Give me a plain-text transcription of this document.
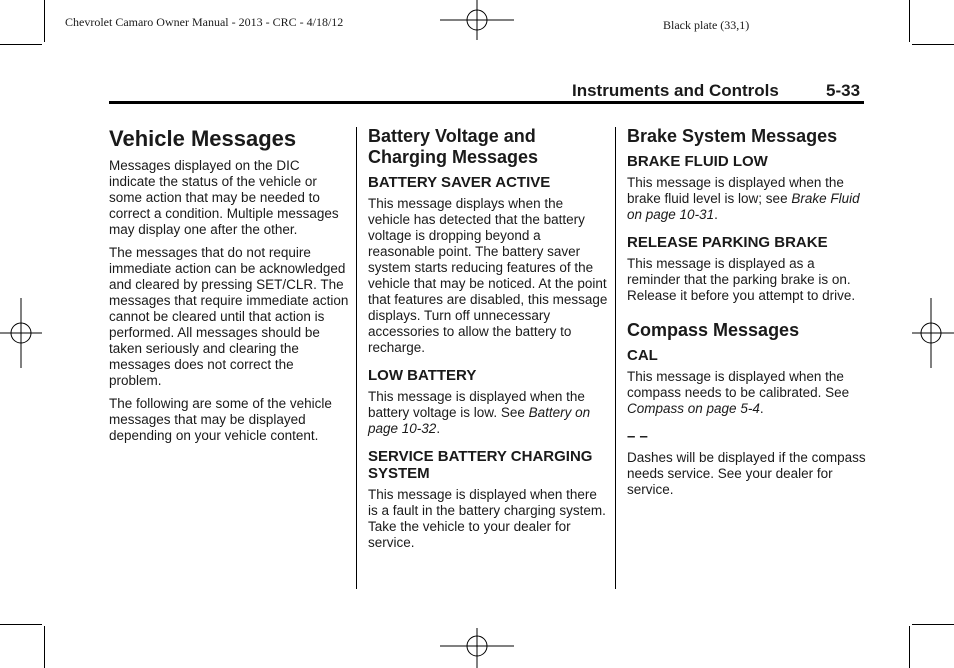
Chevrolet Camaro Owner Manual - 2013 - CRC - 4/18/12	Black plate (33,1)
Instruments and Controls	5-33
Vehicle Messages

Messages displayed on the DIC indicate the status of the vehicle or some action that may be needed to correct a condition. Multiple messages may display one after the other.

The messages that do not require immediate action can be acknowledged and cleared by pressing SET/CLR. The messages that require immediate action cannot be cleared until that action is performed. All messages should be taken seriously and clearing the messages does not correct the problem.

The following are some of the vehicle messages that may be displayed depending on your vehicle content.

Battery Voltage and Charging Messages
BATTERY SAVER ACTIVE

This message displays when the vehicle has detected that the battery voltage is dropping beyond a reasonable point. The battery saver system starts reducing features of the vehicle that may be noticed. At the point that features are disabled, this message displays. Turn off unnecessary accessories to allow the battery to recharge.

LOW BATTERY

This message is displayed when the battery voltage is low. See Battery on page 10-32.

SERVICE BATTERY CHARGING SYSTEM

This message is displayed when there is a fault in the battery charging system. Take the vehicle to your dealer for service.

Brake System Messages
BRAKE FLUID LOW

This message is displayed when the brake fluid level is low; see Brake Fluid on page 10-31.

RELEASE PARKING BRAKE

This message is displayed as a reminder that the parking brake is on. Release it before you attempt to drive.

Compass Messages
CAL

This message is displayed when the compass needs to be calibrated. See Compass on page 5-4.

– –

Dashes will be displayed if the compass needs service. See your dealer for service.
